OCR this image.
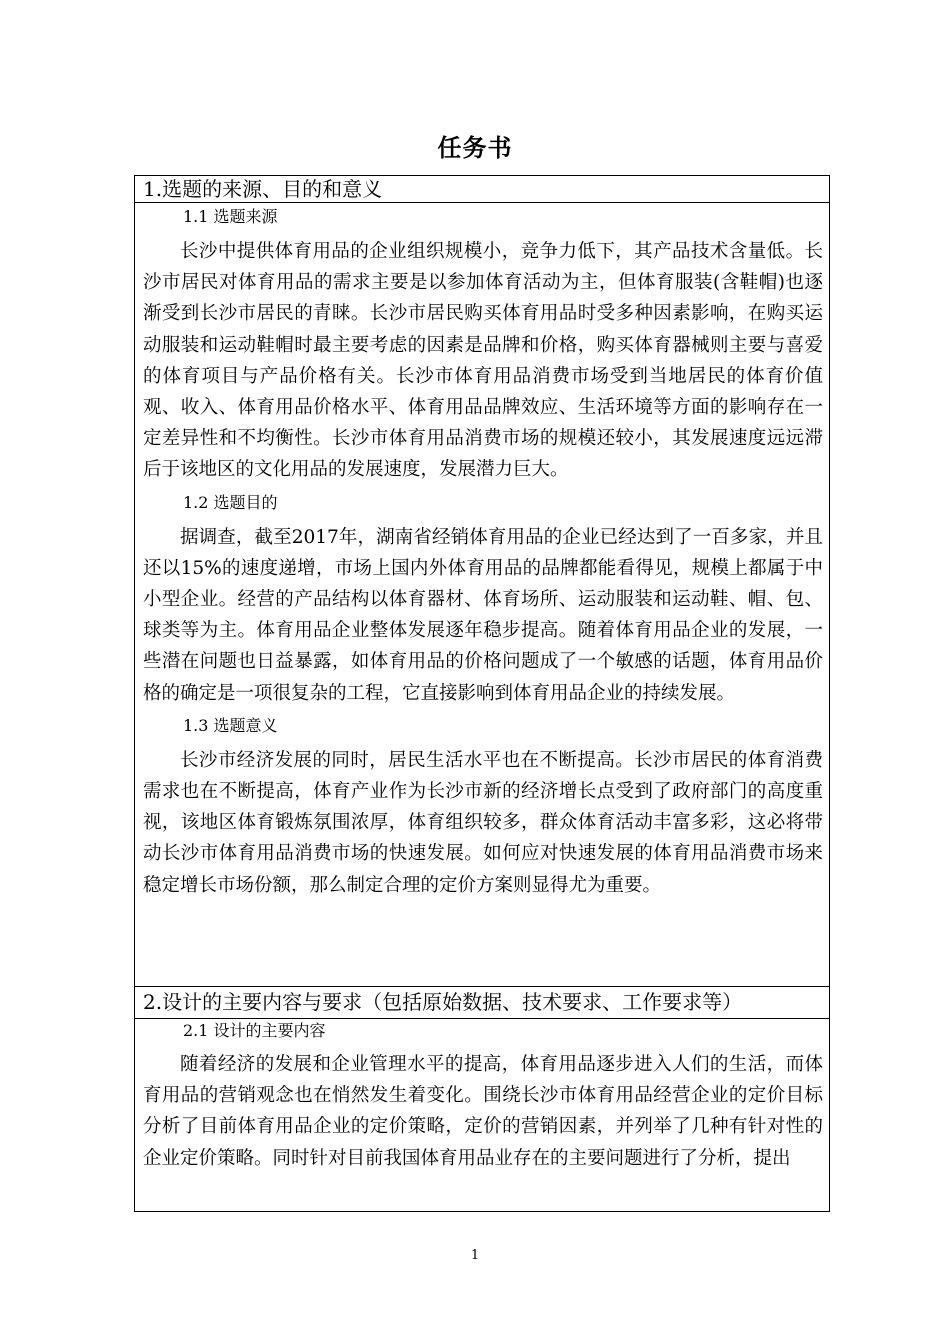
任务书
1.选题的来源、目的和意义
1.1 选题来源

长沙中提供体育用品的企业组织规模小，竞争力低下，其产品技术含量低。长沙市居民对体育用品的需求主要是以参加体育活动为主，但体育服装(含鞋帽)也逐渐受到长沙市居民的青睐。长沙市居民购买体育用品时受多种因素影响，在购买运动服装和运动鞋帽时最主要考虑的因素是品牌和价格，购买体育器械则主要与喜爱的体育项目与产品价格有关。长沙市体育用品消费市场受到当地居民的体育价值观、收入、体育用品价格水平、体育用品品牌效应、生活环境等方面的影响存在一定差异性和不均衡性。长沙市体育用品消费市场的规模还较小，其发展速度远远滞后于该地区的文化用品的发展速度，发展潜力巨大。

1.2 选题目的

据调查，截至2017年，湖南省经销体育用品的企业已经达到了一百多家，并且还以15%的速度递增，市场上国内外体育用品的品牌都能看得见，规模上都属于中小型企业。经营的产品结构以体育器材、体育场所、运动服装和运动鞋、帽、包、球类等为主。体育用品企业整体发展逐年稳步提高。随着体育用品企业的发展，一些潜在问题也日益暴露，如体育用品的价格问题成了一个敏感的话题，体育用品价格的确定是一项很复杂的工程，它直接影响到体育用品企业的持续发展。

1.3 选题意义

长沙市经济发展的同时，居民生活水平也在不断提高。长沙市居民的体育消费需求也在不断提高，体育产业作为长沙市新的经济增长点受到了政府部门的高度重视，该地区体育锻炼氛围浓厚，体育组织较多，群众体育活动丰富多彩，这必将带动长沙市体育用品消费市场的快速发展。如何应对快速发展的体育用品消费市场来稳定增长市场份额，那么制定合理的定价方案则显得尤为重要。

2.设计的主要内容与要求（包括原始数据、技术要求、工作要求等）
2.1 设计的主要内容

随着经济的发展和企业管理水平的提高，体育用品逐步进入人们的生活，而体育用品的营销观念也在悄然发生着变化。围绕长沙市体育用品经营企业的定价目标分析了目前体育用品企业的定价策略，定价的营销因素，并列举了几种有针对性的企业定价策略。同时针对目前我国体育用品业存在的主要问题进行了分析，提出

1
